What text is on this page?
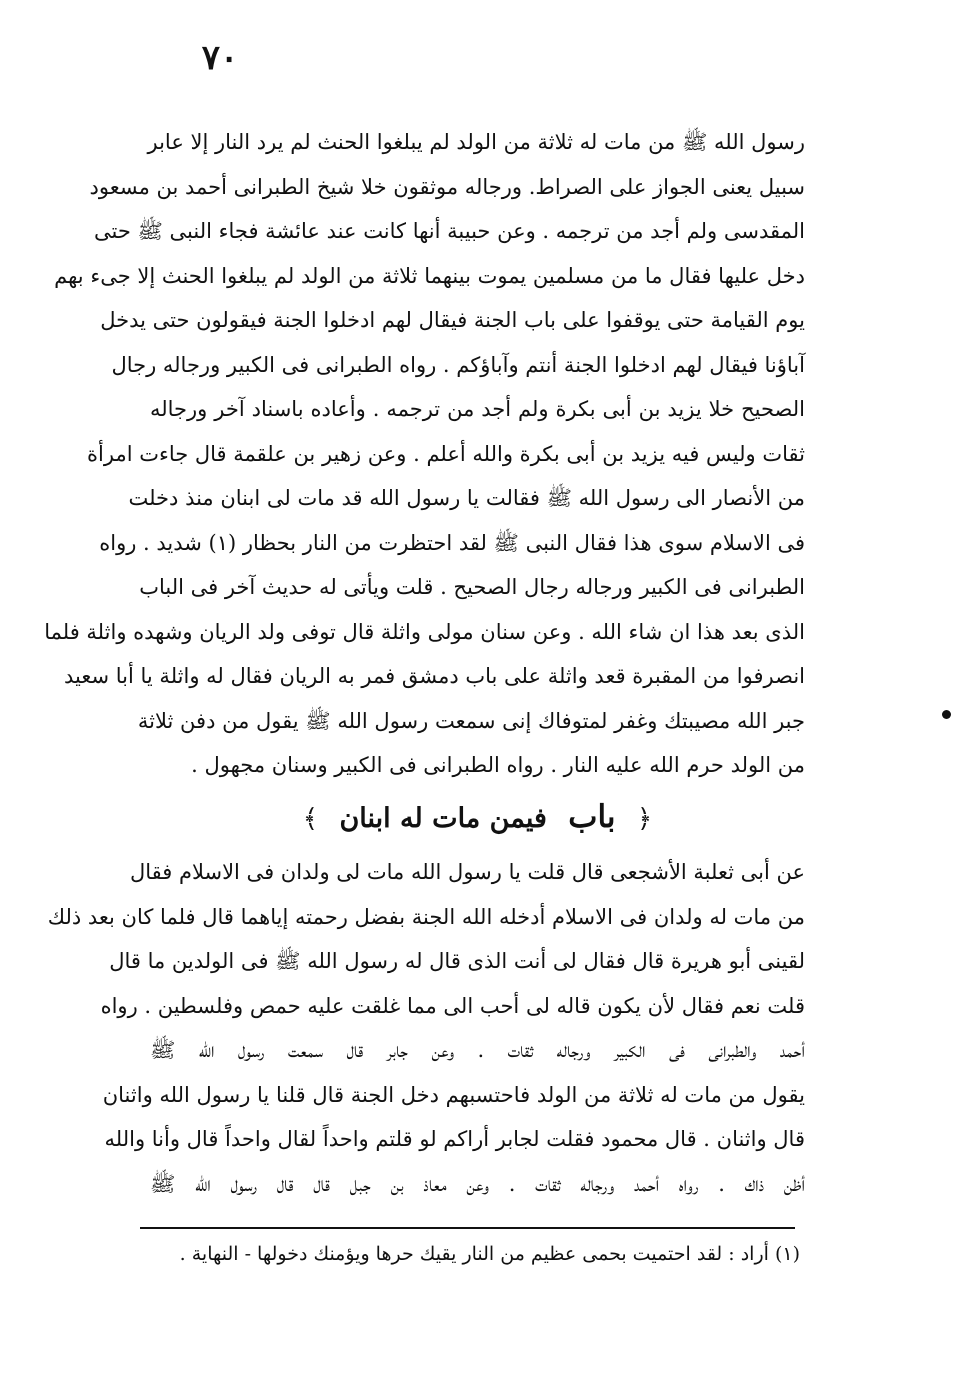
٧٠
رسول الله ﷺ من مات له ثلاثة من الولد لم يبلغوا الحنث لم يرد النار إلا عابر
سبيل يعنى الجواز على الصراط. ورجاله موثقون خلا شيخ الطبرانى أحمد بن مسعود
المقدسى ولم أجد من ترجمه . وعن حبيبة أنها كانت عند عائشة فجاء النبى ﷺ حتى
دخل عليها فقال ما من مسلمين يموت بينهما ثلاثة من الولد لم يبلغوا الحنث إلا جىء بهم
يوم القيامة حتى يوقفوا على باب الجنة فيقال لهم ادخلوا الجنة فيقولون حتى يدخل
آباؤنا فيقال لهم ادخلوا الجنة أنتم وآباؤكم . رواه الطبرانى فى الكبير ورجاله رجال
الصحيح خلا يزيد بن أبى بكرة ولم أجد من ترجمه . وأعاده باسناد آخر ورجاله
ثقات وليس فيه يزيد بن أبى بكرة والله أعلم . وعن زهير بن علقمة قال جاءت امرأة
من الأنصار الى رسول الله ﷺ فقالت يا رسول الله قد مات لى ابنان منذ دخلت
فى الاسلام سوى هذا فقال النبى ﷺ لقد احتظرت من النار بحظار (١) شديد . رواه
الطبرانى فى الكبير ورجاله رجال الصحيح . قلت ويأتى له حديث آخر فى الباب
الذى بعد هذا ان شاء الله . وعن سنان مولى واثلة قال توفى ولد الريان وشهده واثلة فلما
انصرفوا من المقبرة قعد واثلة على باب دمشق فمر به الريان فقال له واثلة يا أبا سعيد
جبر الله مصيبتك وغفر لمتوفاك إنى سمعت رسول الله ﷺ يقول من دفن ثلاثة
من الولد حرم الله عليه النار . رواه الطبرانى فى الكبير وسنان مجهول .
﴿ باب فيمن مات له ابنان ﴾
عن أبى ثعلبة الأشجعى قال قلت يا رسول الله مات لى ولدان فى الاسلام فقال
من مات له ولدان فى الاسلام أدخله الله الجنة بفضل رحمته إياهما قال فلما كان بعد ذلك
لقينى أبو هريرة قال فقال لى أنت الذى قال له رسول الله ﷺ فى الولدين ما قال
قلت نعم فقال لأن يكون قاله لى أحب الى مما غلقت عليه حمص وفلسطين . رواه
أحمد والطبرانى فى الكبير ورجاله ثقات . وعن جابر قال سمعت رسول الله ﷺ
يقول من مات له ثلاثة من الولد فاحتسبهم دخل الجنة قال قلنا يا رسول الله واثنان
قال واثنان . قال محمود فقلت لجابر أراكم لو قلتم واحداً لقال واحداً قال وأنا والله
أظن ذاك . رواه أحمد ورجاله ثقات . وعن معاذ بن جبل قال قال رسول الله ﷺ
(١) أراد : لقد احتميت بحمى عظيم من النار يقيك حرها ويؤمنك دخولها - النهاية .
